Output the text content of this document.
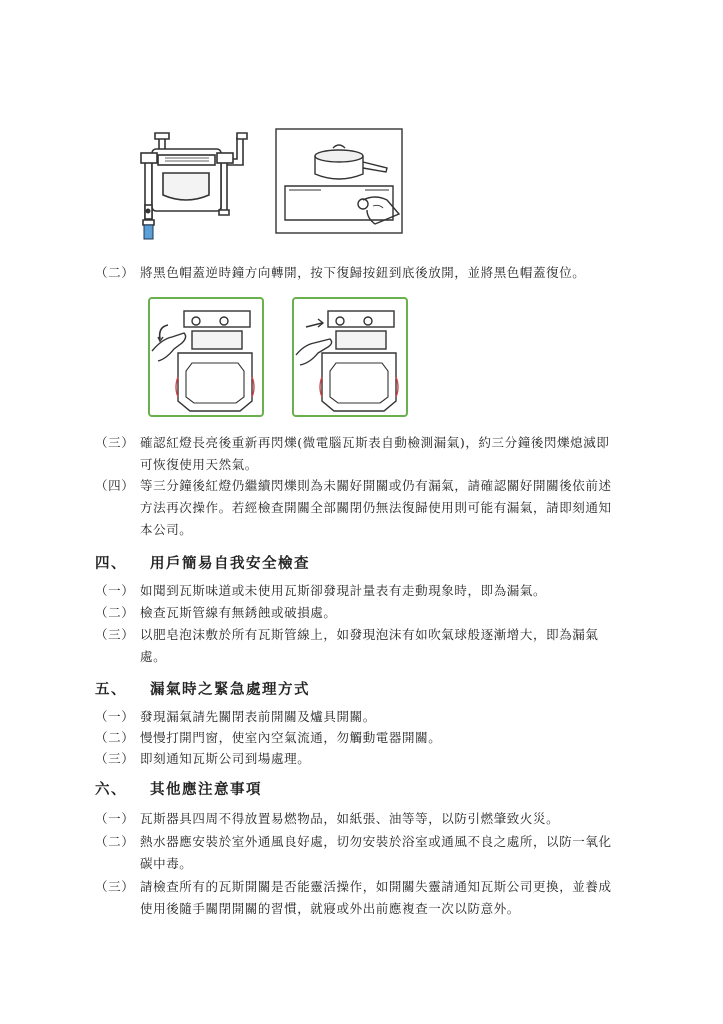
（二） 將黑色帽蓋逆時鐘方向轉開，按下復歸按鈕到底後放開，並將黑色帽蓋復位。
（三） 確認紅燈長亮後重新再閃爍(微電腦瓦斯表自動檢測漏氣)，約三分鐘後閃爍熄滅即可恢復使用天然氣。
（四） 等三分鐘後紅燈仍繼續閃爍則為未關好開關或仍有漏氣，請確認關好開關後依前述方法再次操作。若經檢查開關全部關閉仍無法復歸使用則可能有漏氣，請即刻通知本公司。
四、 用戶簡易自我安全檢查
（一） 如聞到瓦斯味道或未使用瓦斯卻發現計量表有走動現象時，即為漏氣。
（二） 檢查瓦斯管線有無銹蝕或破損處。
（三） 以肥皂泡沫敷於所有瓦斯管線上，如發現泡沫有如吹氣球般逐漸增大，即為漏氣處。
五、 漏氣時之緊急處理方式
（一） 發現漏氣請先關閉表前開關及爐具開關。
（二） 慢慢打開門窗，使室內空氣流通，勿觸動電器開關。
（三） 即刻通知瓦斯公司到場處理。
六、 其他應注意事項
（一） 瓦斯器具四周不得放置易燃物品，如紙張、油等等，以防引燃肇致火災。
（二） 熱水器應安裝於室外通風良好處，切勿安裝於浴室或通風不良之處所，以防一氧化碳中毒。
（三） 請檢查所有的瓦斯開關是否能靈活操作，如開關失靈請通知瓦斯公司更換，並養成使用後隨手關閉開關的習慣，就寢或外出前應複查一次以防意外。
